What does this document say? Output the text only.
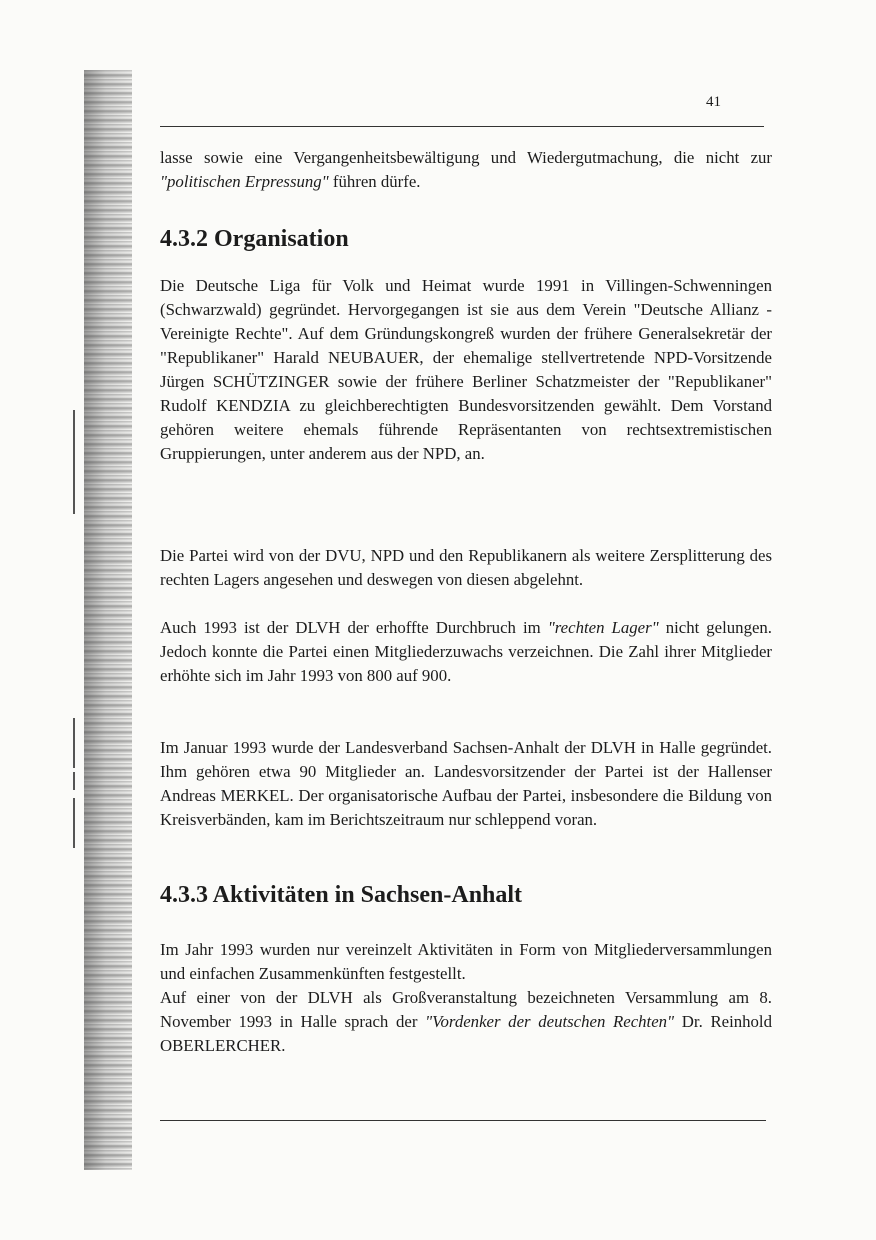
41
lasse sowie eine Vergangenheitsbewältigung und Wiedergutmachung, die nicht zur "politischen Erpressung" führen dürfe.
4.3.2 Organisation

Die Deutsche Liga für Volk und Heimat wurde 1991 in Villingen-Schwenningen (Schwarzwald) gegründet. Hervorgegangen ist sie aus dem Verein "Deutsche Allianz - Vereinigte Rechte". Auf dem Gründungskongreß wurden der frühere Generalsekretär der "Republikaner" Harald NEUBAUER, der ehemalige stellvertretende NPD-Vorsitzende Jürgen SCHÜTZINGER sowie der frühere Berliner Schatzmeister der "Republikaner" Rudolf KENDZIA zu gleichberechtigten Bundesvorsitzenden gewählt. Dem Vorstand gehören weitere ehemals führende Repräsentanten von rechtsextremistischen Gruppierungen, unter anderem aus der NPD, an.

Die Partei wird von der DVU, NPD und den Republikanern als weitere Zersplitterung des rechten Lagers angesehen und deswegen von diesen abgelehnt.

Auch 1993 ist der DLVH der erhoffte Durchbruch im "rechten Lager" nicht gelungen. Jedoch konnte die Partei einen Mitgliederzuwachs verzeichnen. Die Zahl ihrer Mitglieder erhöhte sich im Jahr 1993 von 800 auf 900.

Im Januar 1993 wurde der Landesverband Sachsen-Anhalt der DLVH in Halle gegründet. Ihm gehören etwa 90 Mitglieder an. Landesvorsitzender der Partei ist der Hallenser Andreas MERKEL. Der organisatorische Aufbau der Partei, insbesondere die Bildung von Kreisverbänden, kam im Berichtszeitraum nur schleppend voran.

4.3.3 Aktivitäten in Sachsen-Anhalt

Im Jahr 1993 wurden nur vereinzelt Aktivitäten in Form von Mitgliederversammlungen und einfachen Zusammenkünften festgestellt.

Auf einer von der DLVH als Großveranstaltung bezeichneten Versammlung am 8. November 1993 in Halle sprach der "Vordenker der deutschen Rechten" Dr. Reinhold OBERLERCHER.
